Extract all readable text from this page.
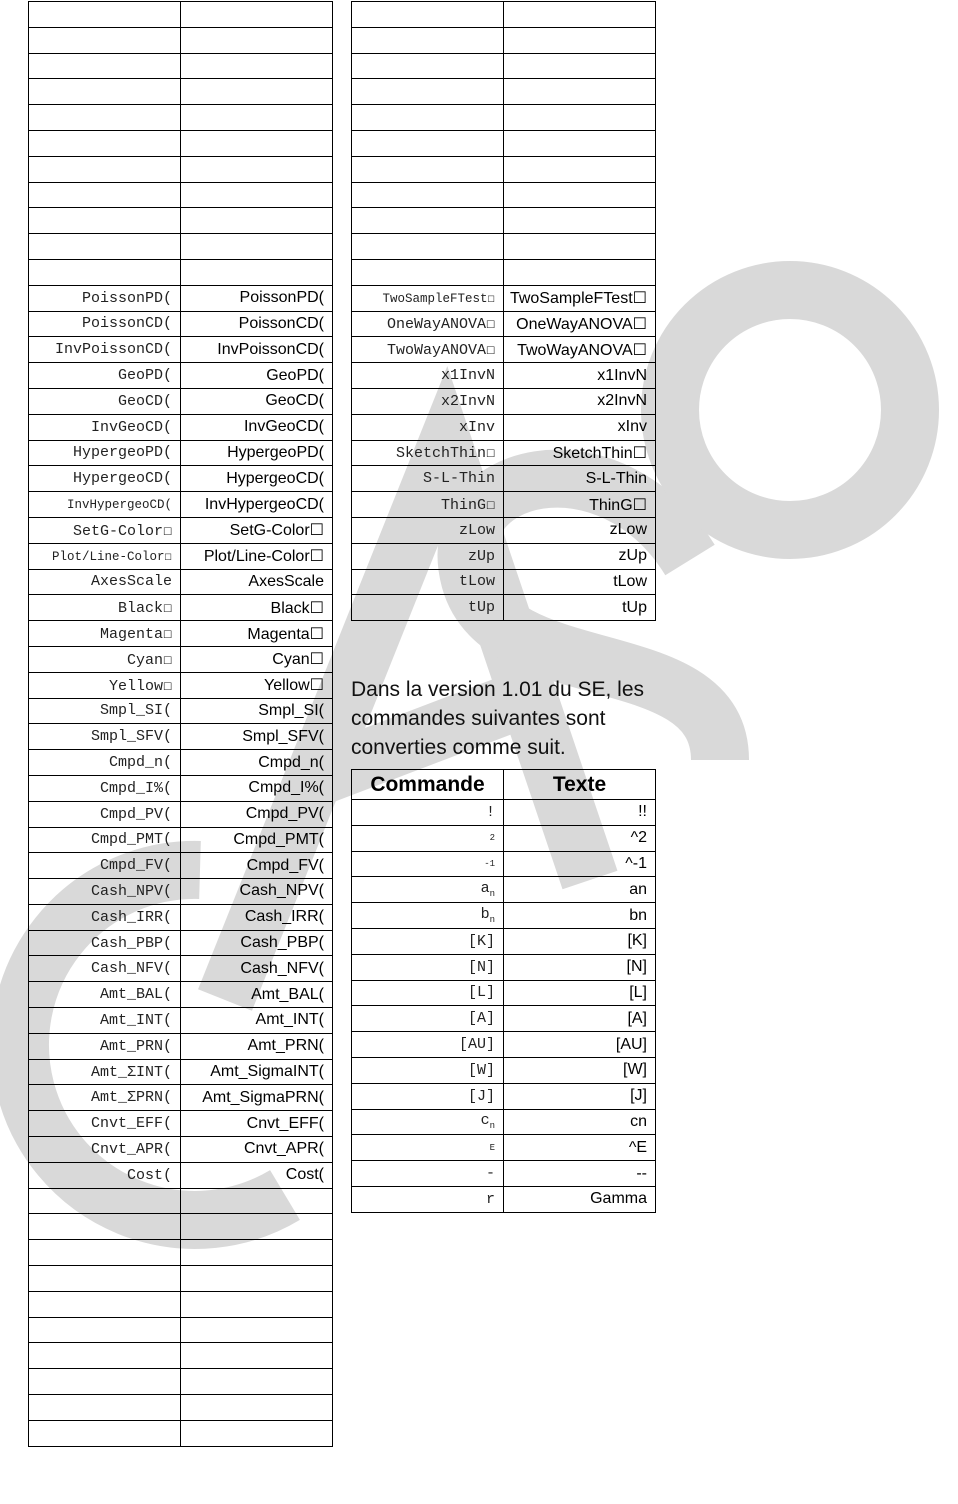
PoissonPD(	PoissonPD(
PoissonCD(	PoissonCD(
InvPoissonCD(	InvPoissonCD(
GeoPD(	GeoPD(
GeoCD(	GeoCD(
InvGeoCD(	InvGeoCD(
HypergeoPD(	HypergeoPD(
HypergeoCD(	HypergeoCD(
InvHypergeoCD(	InvHypergeoCD(
SetG-Color☐	SetG-Color☐
Plot/Line-Color☐	Plot/Line-Color☐
AxesScale	AxesScale
Black☐	Black☐
Magenta☐	Magenta☐
Cyan☐	Cyan☐
Yellow☐	Yellow☐
Smpl_SI(	Smpl_SI(
Smpl_SFV(	Smpl_SFV(
Cmpd_n(	Cmpd_n(
Cmpd_I%(	Cmpd_I%(
Cmpd_PV(	Cmpd_PV(
Cmpd_PMT(	Cmpd_PMT(
Cmpd_FV(	Cmpd_FV(
Cash_NPV(	Cash_NPV(
Cash_IRR(	Cash_IRR(
Cash_PBP(	Cash_PBP(
Cash_NFV(	Cash_NFV(
Amt_BAL(	Amt_BAL(
Amt_INT(	Amt_INT(
Amt_PRN(	Amt_PRN(
Amt_ΣINT(	Amt_SigmaINT(
Amt_ΣPRN(	Amt_SigmaPRN(
Cnvt_EFF(	Cnvt_EFF(
Cnvt_APR(	Cnvt_APR(
Cost(	Cost(

TwoSampleFTest☐	TwoSampleFTest☐
OneWayANOVA☐	OneWayANOVA☐
TwoWayANOVA☐	TwoWayANOVA☐
x1InvN	x1InvN
x2InvN	x2InvN
xInv	xInv
SketchThin☐	SketchThin☐
S-L-Thin	S-L-Thin
ThinG☐	ThinG☐
zLow	zLow
zUp	zUp
tLow	tLow
tUp	tUp

Dans la version 1.01 du SE, les commandes suivantes sont converties comme suit.

Commande	Texte
!	!!
2	^2
-1	^-1
$a_n$	an
$b_n$	bn
[K]	[K]
[N]	[N]
[L]	[L]
[A]	[A]
[AU]	[AU]
[W]	[W]
[J]	[J]
$c_n$	cn
E	^E
-	--
r	Gamma
